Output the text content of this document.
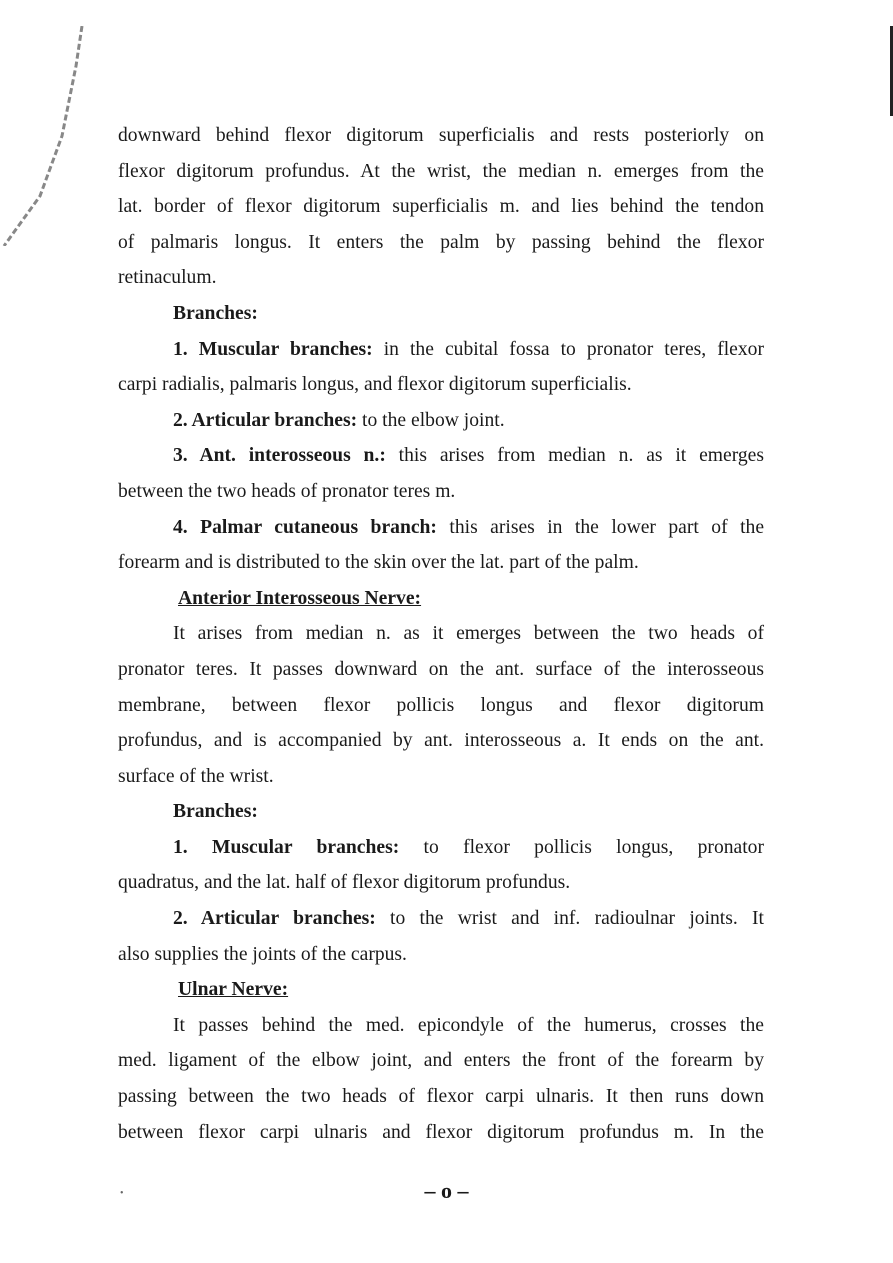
downward behind flexor digitorum superficialis and rests posteriorly on

flexor digitorum profundus. At the wrist, the median n. emerges from the

lat. border of flexor digitorum superficialis m. and lies behind the tendon

of palmaris longus. It enters the palm by passing behind the flexor

retinaculum.

Branches:

1. Muscular branches: in the cubital fossa to pronator teres, flexor

carpi radialis, palmaris longus, and flexor digitorum superficialis.

2. Articular branches: to the elbow joint.

3. Ant. interosseous n.: this arises from median n. as it emerges

between the two heads of pronator teres m.

4. Palmar cutaneous branch: this arises in the lower part of the

forearm and is distributed to the skin over the lat. part of the palm.

Anterior Interosseous Nerve:

It arises from median n. as it emerges between the two heads of

pronator teres. It passes downward on the ant. surface of the interosseous

membrane, between flexor pollicis longus and flexor digitorum

profundus, and is accompanied by ant. interosseous a. It ends on the ant.

surface of the wrist.

Branches:

1. Muscular branches: to flexor pollicis longus, pronator

quadratus, and the lat. half of flexor digitorum profundus.

2. Articular branches: to the wrist and inf. radioulnar joints. It

also supplies the joints of the carpus.

Ulnar Nerve:

It passes behind the med. epicondyle of the humerus, crosses the

med. ligament of the elbow joint, and enters the front of the forearm by

passing between the two heads of flexor carpi ulnaris. It then runs down

between flexor carpi ulnaris and flexor digitorum profundus m. In the

– o –
•
